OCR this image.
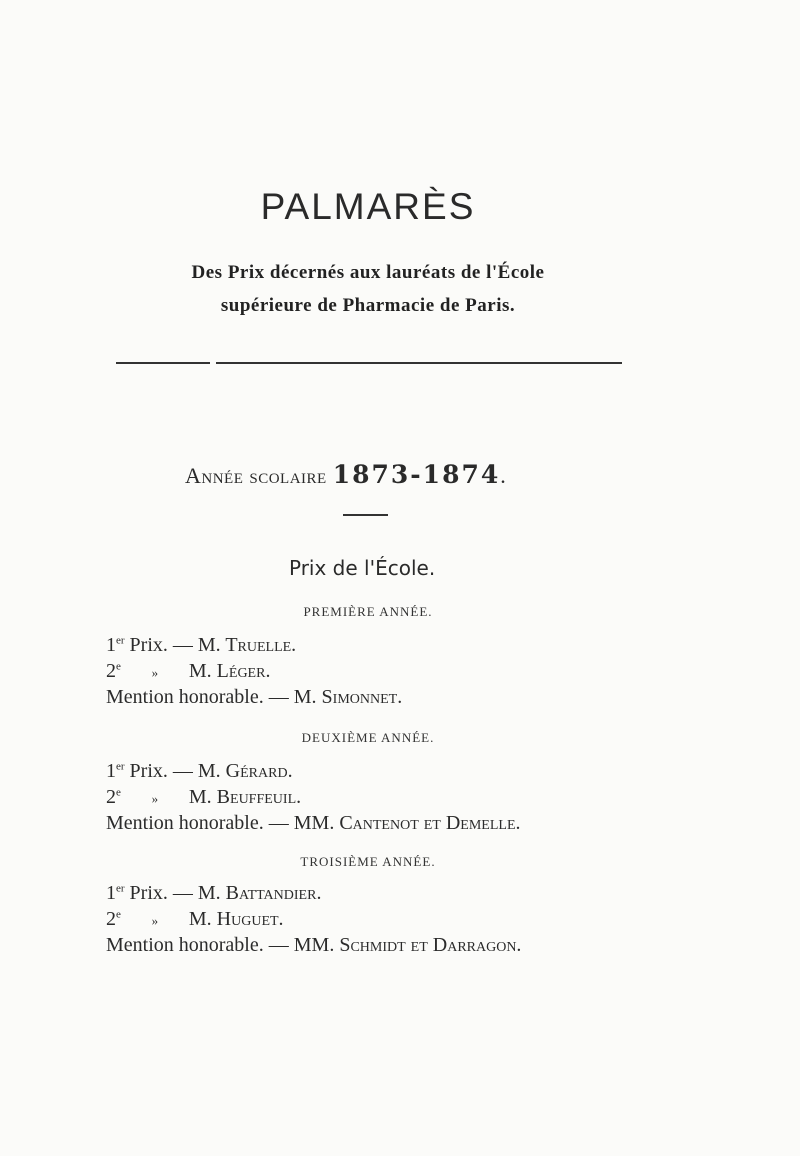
PALMARÈS
Des Prix décernés aux lauréats de l'École
supérieure de Pharmacie de Paris.
Année scolaire 1873-1874.
Prix de l'École.
PREMIÈRE ANNÉE.
1er Prix. — M. Truelle.
2e » M. Léger.
Mention honorable. — M. Simonnet.
DEUXIÈME ANNÉE.
1er Prix. — M. Gérard.
2e » M. Beuffeuil.
Mention honorable. — MM. Cantenot et Demelle.
TROISIÈME ANNÉE.
1er Prix. — M. Battandier.
2e » M. Huguet.
Mention honorable. — MM. Schmidt et Darragon.
